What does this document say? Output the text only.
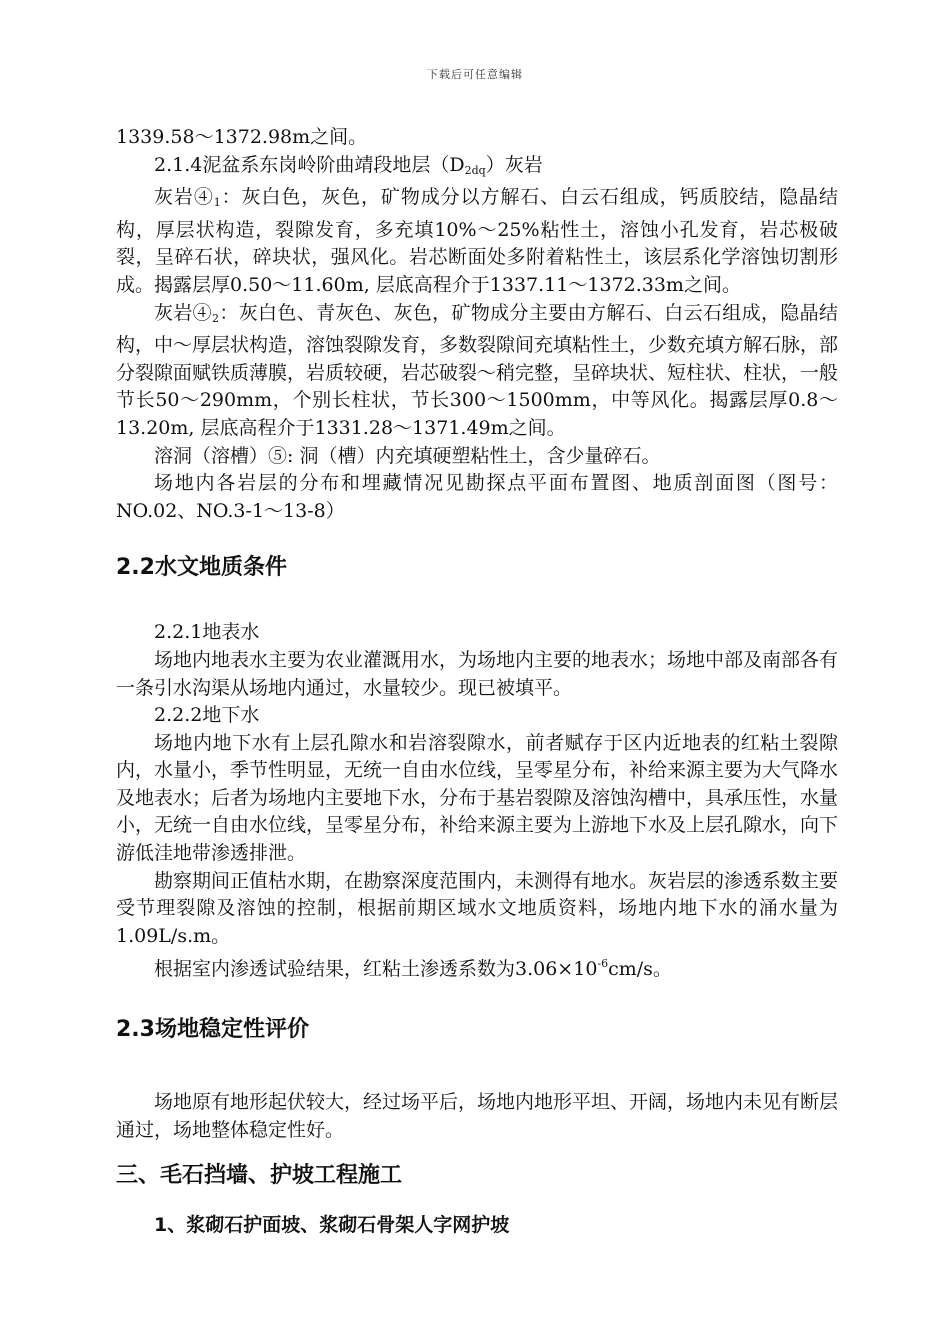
下载后可任意编辑

1339.58～1372.98m之间。

2.1.4泥盆系东岗岭阶曲靖段地层$(D_{2dq})$灰岩

灰岩$④_1$：灰白色，灰色，矿物成分以方解石、白云石组成，钙质胶结，隐晶结构，厚层状构造，裂隙发育，多充填10%～25%粘性土，溶蚀小孔发育，岩芯极破裂，呈碎石状，碎块状，强风化。岩芯断面处多附着粘性土，该层系化学溶蚀切割形成。揭露层厚0.50～11.60m, 层底高程介于1337.11～1372.33m之间。

灰岩$④_2$：灰白色、青灰色、灰色，矿物成分主要由方解石、白云石组成，隐晶结构，中～厚层状构造，溶蚀裂隙发育，多数裂隙间充填粘性土，少数充填方解石脉，部分裂隙面赋铁质薄膜，岩质较硬，岩芯破裂～稍完整，呈碎块状、短柱状、柱状，一般节长50～290mm，个别长柱状，节长300～1500mm，中等风化。揭露层厚0.8～13.20m, 层底高程介于1331.28～1371.49m之间。

溶洞（溶槽）⑤: 洞（槽）内充填硬塑粘性土，含少量碎石。

场地内各岩层的分布和埋藏情况见勘探点平面布置图、地质剖面图（图号：NO.02、NO.3-1～13-8）

2.2水文地质条件

2.2.1地表水

场地内地表水主要为农业灌溉用水，为场地内主要的地表水；场地中部及南部各有一条引水沟渠从场地内通过，水量较少。现已被填平。

2.2.2地下水

场地内地下水有上层孔隙水和岩溶裂隙水，前者赋存于区内近地表的红粘土裂隙内，水量小，季节性明显，无统一自由水位线，呈零星分布，补给来源主要为大气降水及地表水；后者为场地内主要地下水，分布于基岩裂隙及溶蚀沟槽中，具承压性，水量小，无统一自由水位线，呈零星分布，补给来源主要为上游地下水及上层孔隙水，向下游低洼地带渗透排泄。

勘察期间正值枯水期，在勘察深度范围内，未测得有地水。灰岩层的渗透系数主要受节理裂隙及溶蚀的控制，根据前期区域水文地质资料，场地内地下水的涌水量为1.09L/s.m。

根据室内渗透试验结果，红粘土渗透系数为$3.06\times 10^{-6}cm/s$。

2.3场地稳定性评价

场地原有地形起伏较大，经过场平后，场地内地形平坦、开阔，场地内未见有断层通过，场地整体稳定性好。

三、毛石挡墙、护坡工程施工

1、浆砌石护面坡、浆砌石骨架人字网护坡
